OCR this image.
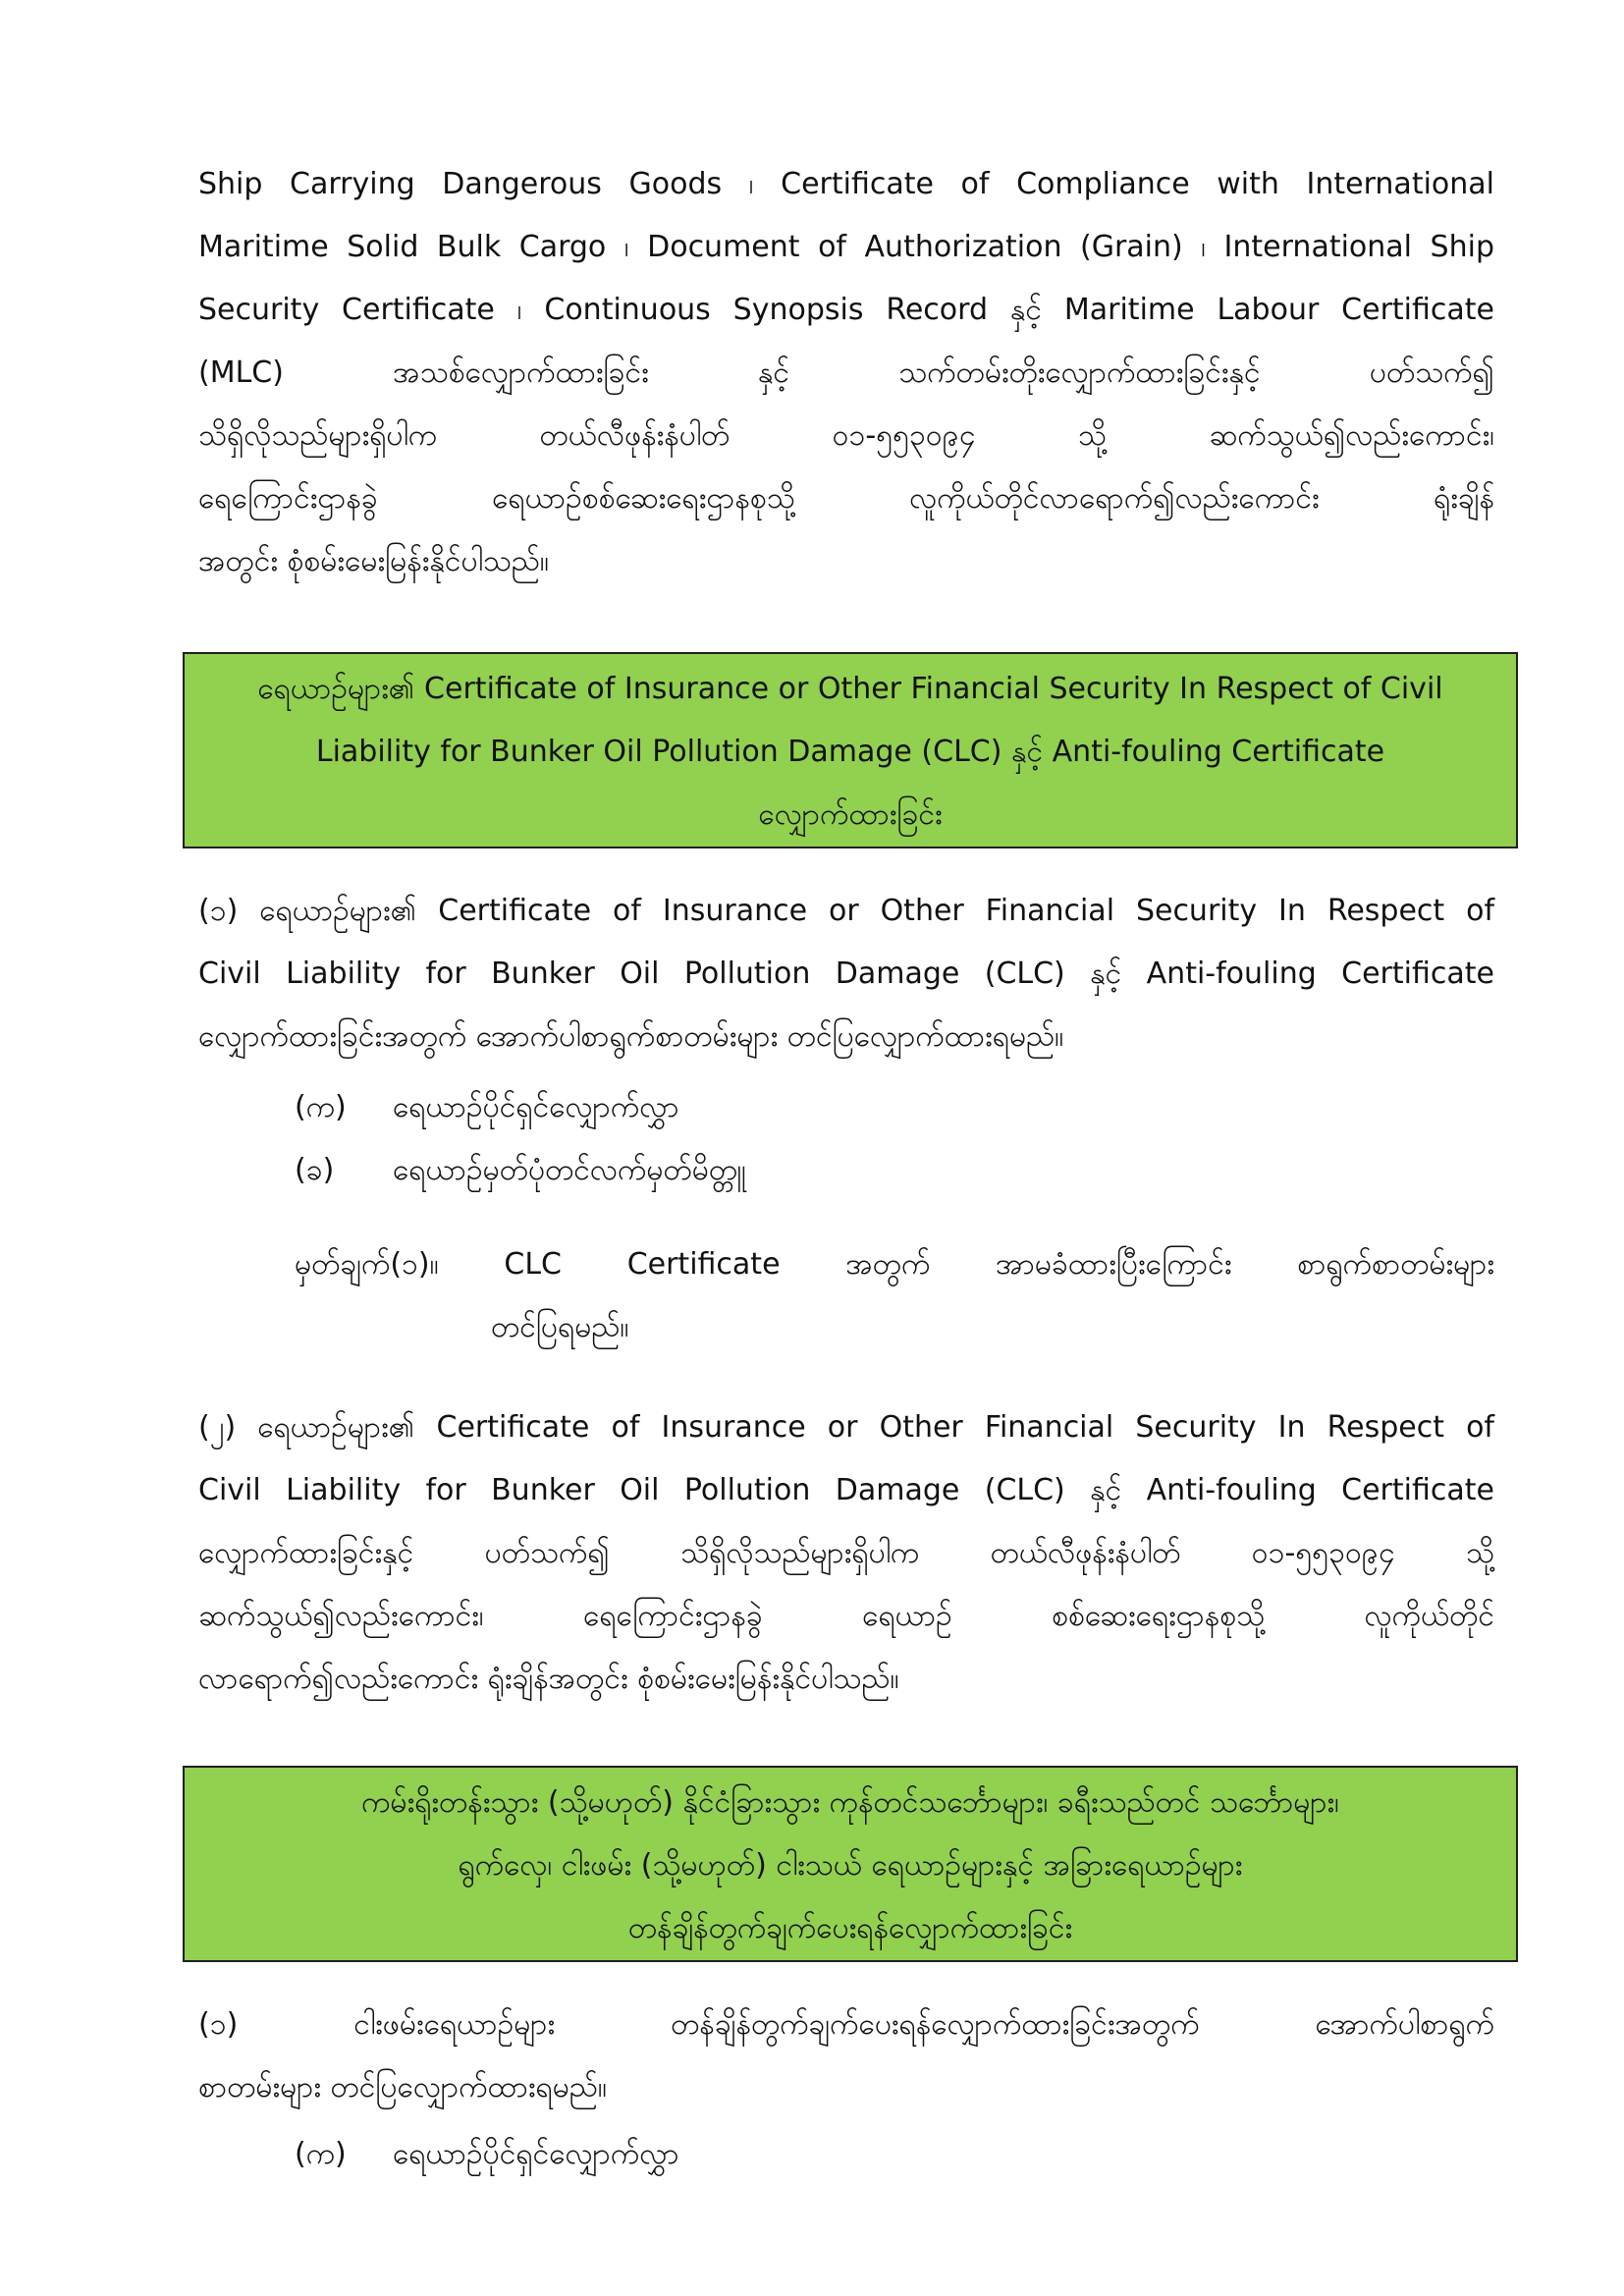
Ship Carrying Dangerous Goods ၊ Certificate of Compliance with International
Maritime Solid Bulk Cargo ၊ Document of Authorization (Grain) ၊ International Ship
Security Certificate ၊ Continuous Synopsis Record နှင့် Maritime Labour Certificate
(MLC) အသစ်လျှောက်ထားခြင်း နှင့် သက်တမ်းတိုးလျှောက်ထားခြင်းနှင့် ပတ်သက်၍
သိရှိလိုသည်များရှိပါက တယ်လီဖုန်းနံပါတ် ၀၁-၅၅၃၀၉၄ သို့ ဆက်သွယ်၍လည်းကောင်း၊
ရေကြောင်းဌာနခွဲ ရေယာဉ်စစ်ဆေးရေးဌာနစုသို့ လူကိုယ်တိုင်လာရောက်၍လည်းကောင်း ရုံးချိန်
အတွင်း စုံစမ်းမေးမြန်းနိုင်ပါသည်။
ရေယာဉ်များ၏ Certificate of Insurance or Other Financial Security In Respect of Civil
Liability for Bunker Oil Pollution Damage (CLC) နှင့် Anti-fouling Certificate
လျှောက်ထားခြင်း
(၁) ရေယာဉ်များ၏ Certificate of Insurance or Other Financial Security In Respect of
Civil Liability for Bunker Oil Pollution Damage (CLC) နှင့် Anti-fouling Certificate
လျှောက်ထားခြင်းအတွက် အောက်ပါစာရွက်စာတမ်းများ တင်ပြလျှောက်ထားရမည်။
(က) ရေယာဉ်ပိုင်ရှင်လျှောက်လွှာ
(ခ) ရေယာဉ်မှတ်ပုံတင်လက်မှတ်မိတ္တူ
မှတ်ချက်(၁)။ CLC Certificate အတွက် အာမခံထားပြီးကြောင်း စာရွက်စာတမ်းများ
တင်ပြရမည်။
(၂) ရေယာဉ်များ၏ Certificate of Insurance or Other Financial Security In Respect of
Civil Liability for Bunker Oil Pollution Damage (CLC) နှင့် Anti-fouling Certificate
လျှောက်ထားခြင်းနှင့် ပတ်သက်၍ သိရှိလိုသည်များရှိပါက တယ်လီဖုန်းနံပါတ် ၀၁-၅၅၃၀၉၄ သို့
ဆက်သွယ်၍လည်းကောင်း၊ ရေကြောင်းဌာနခွဲ ရေယာဉ် စစ်ဆေးရေးဌာနစုသို့ လူကိုယ်တိုင်
လာရောက်၍လည်းကောင်း ရုံးချိန်အတွင်း စုံစမ်းမေးမြန်းနိုင်ပါသည်။
ကမ်းရိုးတန်းသွား (သို့မဟုတ်) နိုင်ငံခြားသွား ကုန်တင်သင်္ဘောများ၊ ခရီးသည်တင် သင်္ဘောများ၊
ရွက်လှေ၊ ငါးဖမ်း (သို့မဟုတ်) ငါးသယ် ရေယာဉ်များနှင့် အခြားရေယာဉ်များ
တန်ချိန်တွက်ချက်ပေးရန်လျှောက်ထားခြင်း
(၁) ငါးဖမ်းရေယာဉ်များ တန်ချိန်တွက်ချက်ပေးရန်လျှောက်ထားခြင်းအတွက် အောက်ပါစာရွက်
စာတမ်းများ တင်ပြလျှောက်ထားရမည်။
(က) ရေယာဉ်ပိုင်ရှင်လျှောက်လွှာ
